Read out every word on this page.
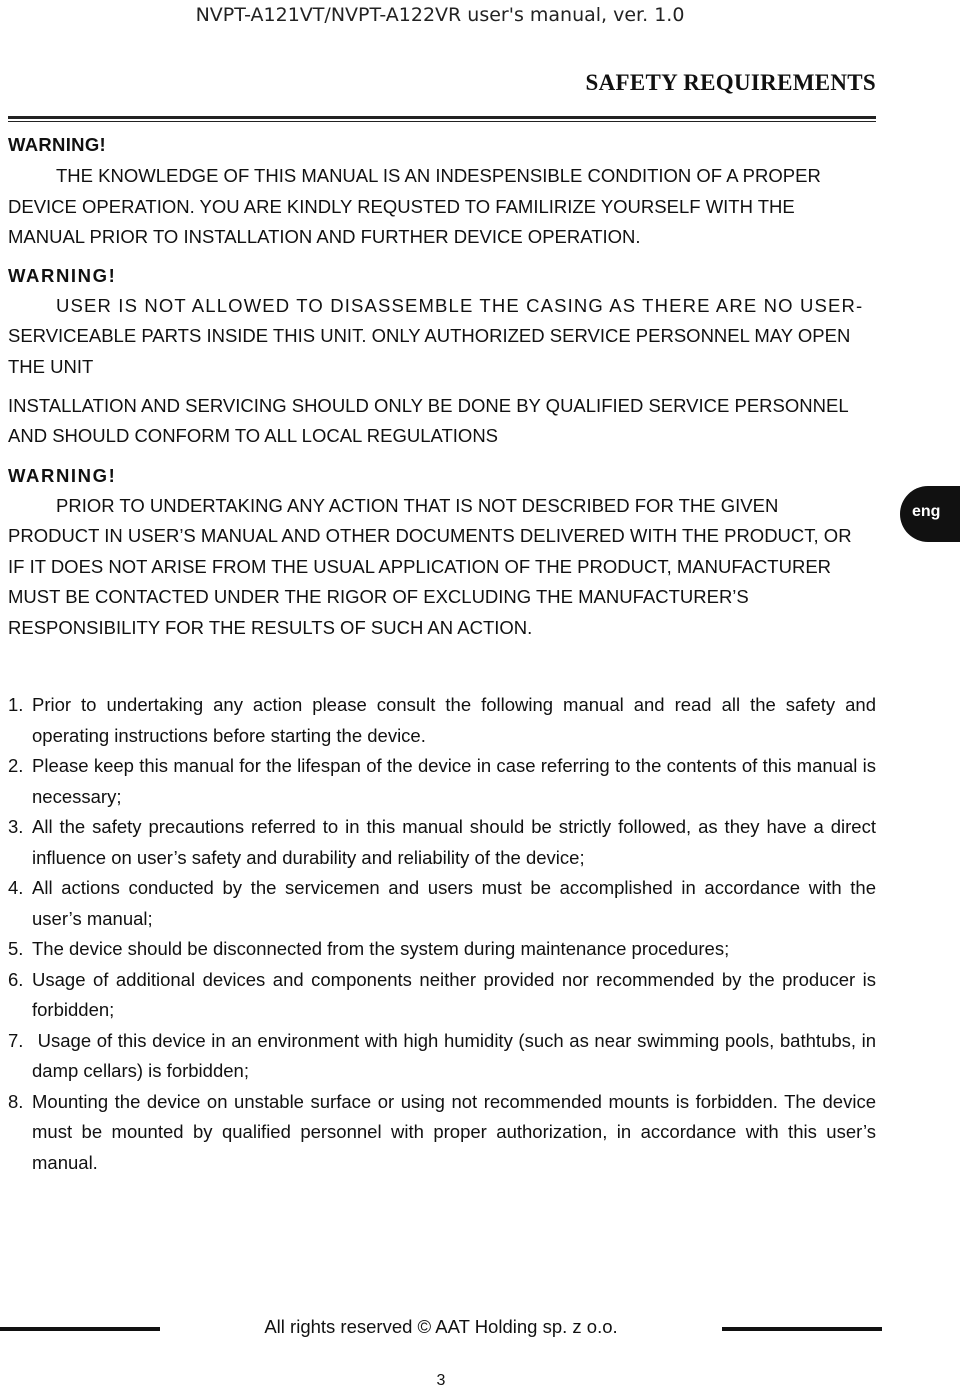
NVPT-A121VT/NVPT-A122VR user's manual, ver. 1.0
SAFETY REQUIREMENTS
WARNING!
THE KNOWLEDGE OF THIS MANUAL IS AN INDESPENSIBLE CONDITION OF A PROPER
DEVICE OPERATION. YOU ARE KINDLY REQUSTED TO FAMILIRIZE YOURSELF WITH THE
MANUAL PRIOR TO INSTALLATION AND FURTHER DEVICE OPERATION.
WARNING!
USER IS NOT ALLOWED TO DISASSEMBLE THE CASING AS THERE ARE NO USER-
SERVICEABLE PARTS INSIDE THIS UNIT. ONLY AUTHORIZED SERVICE PERSONNEL MAY OPEN
THE UNIT
INSTALLATION AND SERVICING SHOULD ONLY BE DONE BY QUALIFIED SERVICE PERSONNEL
AND SHOULD CONFORM TO ALL LOCAL REGULATIONS
WARNING!
PRIOR TO UNDERTAKING ANY ACTION THAT IS NOT DESCRIBED FOR THE GIVEN
PRODUCT IN USER’S MANUAL AND OTHER DOCUMENTS DELIVERED WITH THE PRODUCT, OR
IF IT DOES NOT ARISE FROM THE USUAL APPLICATION OF THE PRODUCT, MANUFACTURER
MUST BE CONTACTED UNDER THE RIGOR OF EXCLUDING THE MANUFACTURER’S
RESPONSIBILITY FOR THE RESULTS OF SUCH AN ACTION.
eng
1. Prior to undertaking any action please consult the following manual and read all the safety and operating instructions before starting the device.
2. Please keep this manual for the lifespan of the device in case referring to the contents of this manual is necessary;
3. All the safety precautions referred to in this manual should be strictly followed, as they have a direct influence on user’s safety and durability and reliability of the device;
4. All actions conducted by the servicemen and users must be accomplished in accordance with the user’s manual;
5. The device should be disconnected from the system during maintenance procedures;
6. Usage of additional devices and components neither provided nor recommended by the producer is forbidden;
7. Usage of this device in an environment with high humidity (such as near swimming pools, bathtubs, in damp cellars) is forbidden;
8. Mounting the device on unstable surface or using not recommended mounts is forbidden. The device must be mounted by qualified personnel with proper authorization, in accordance with this user’s manual.
All rights reserved © AAT Holding sp. z o.o.
3
